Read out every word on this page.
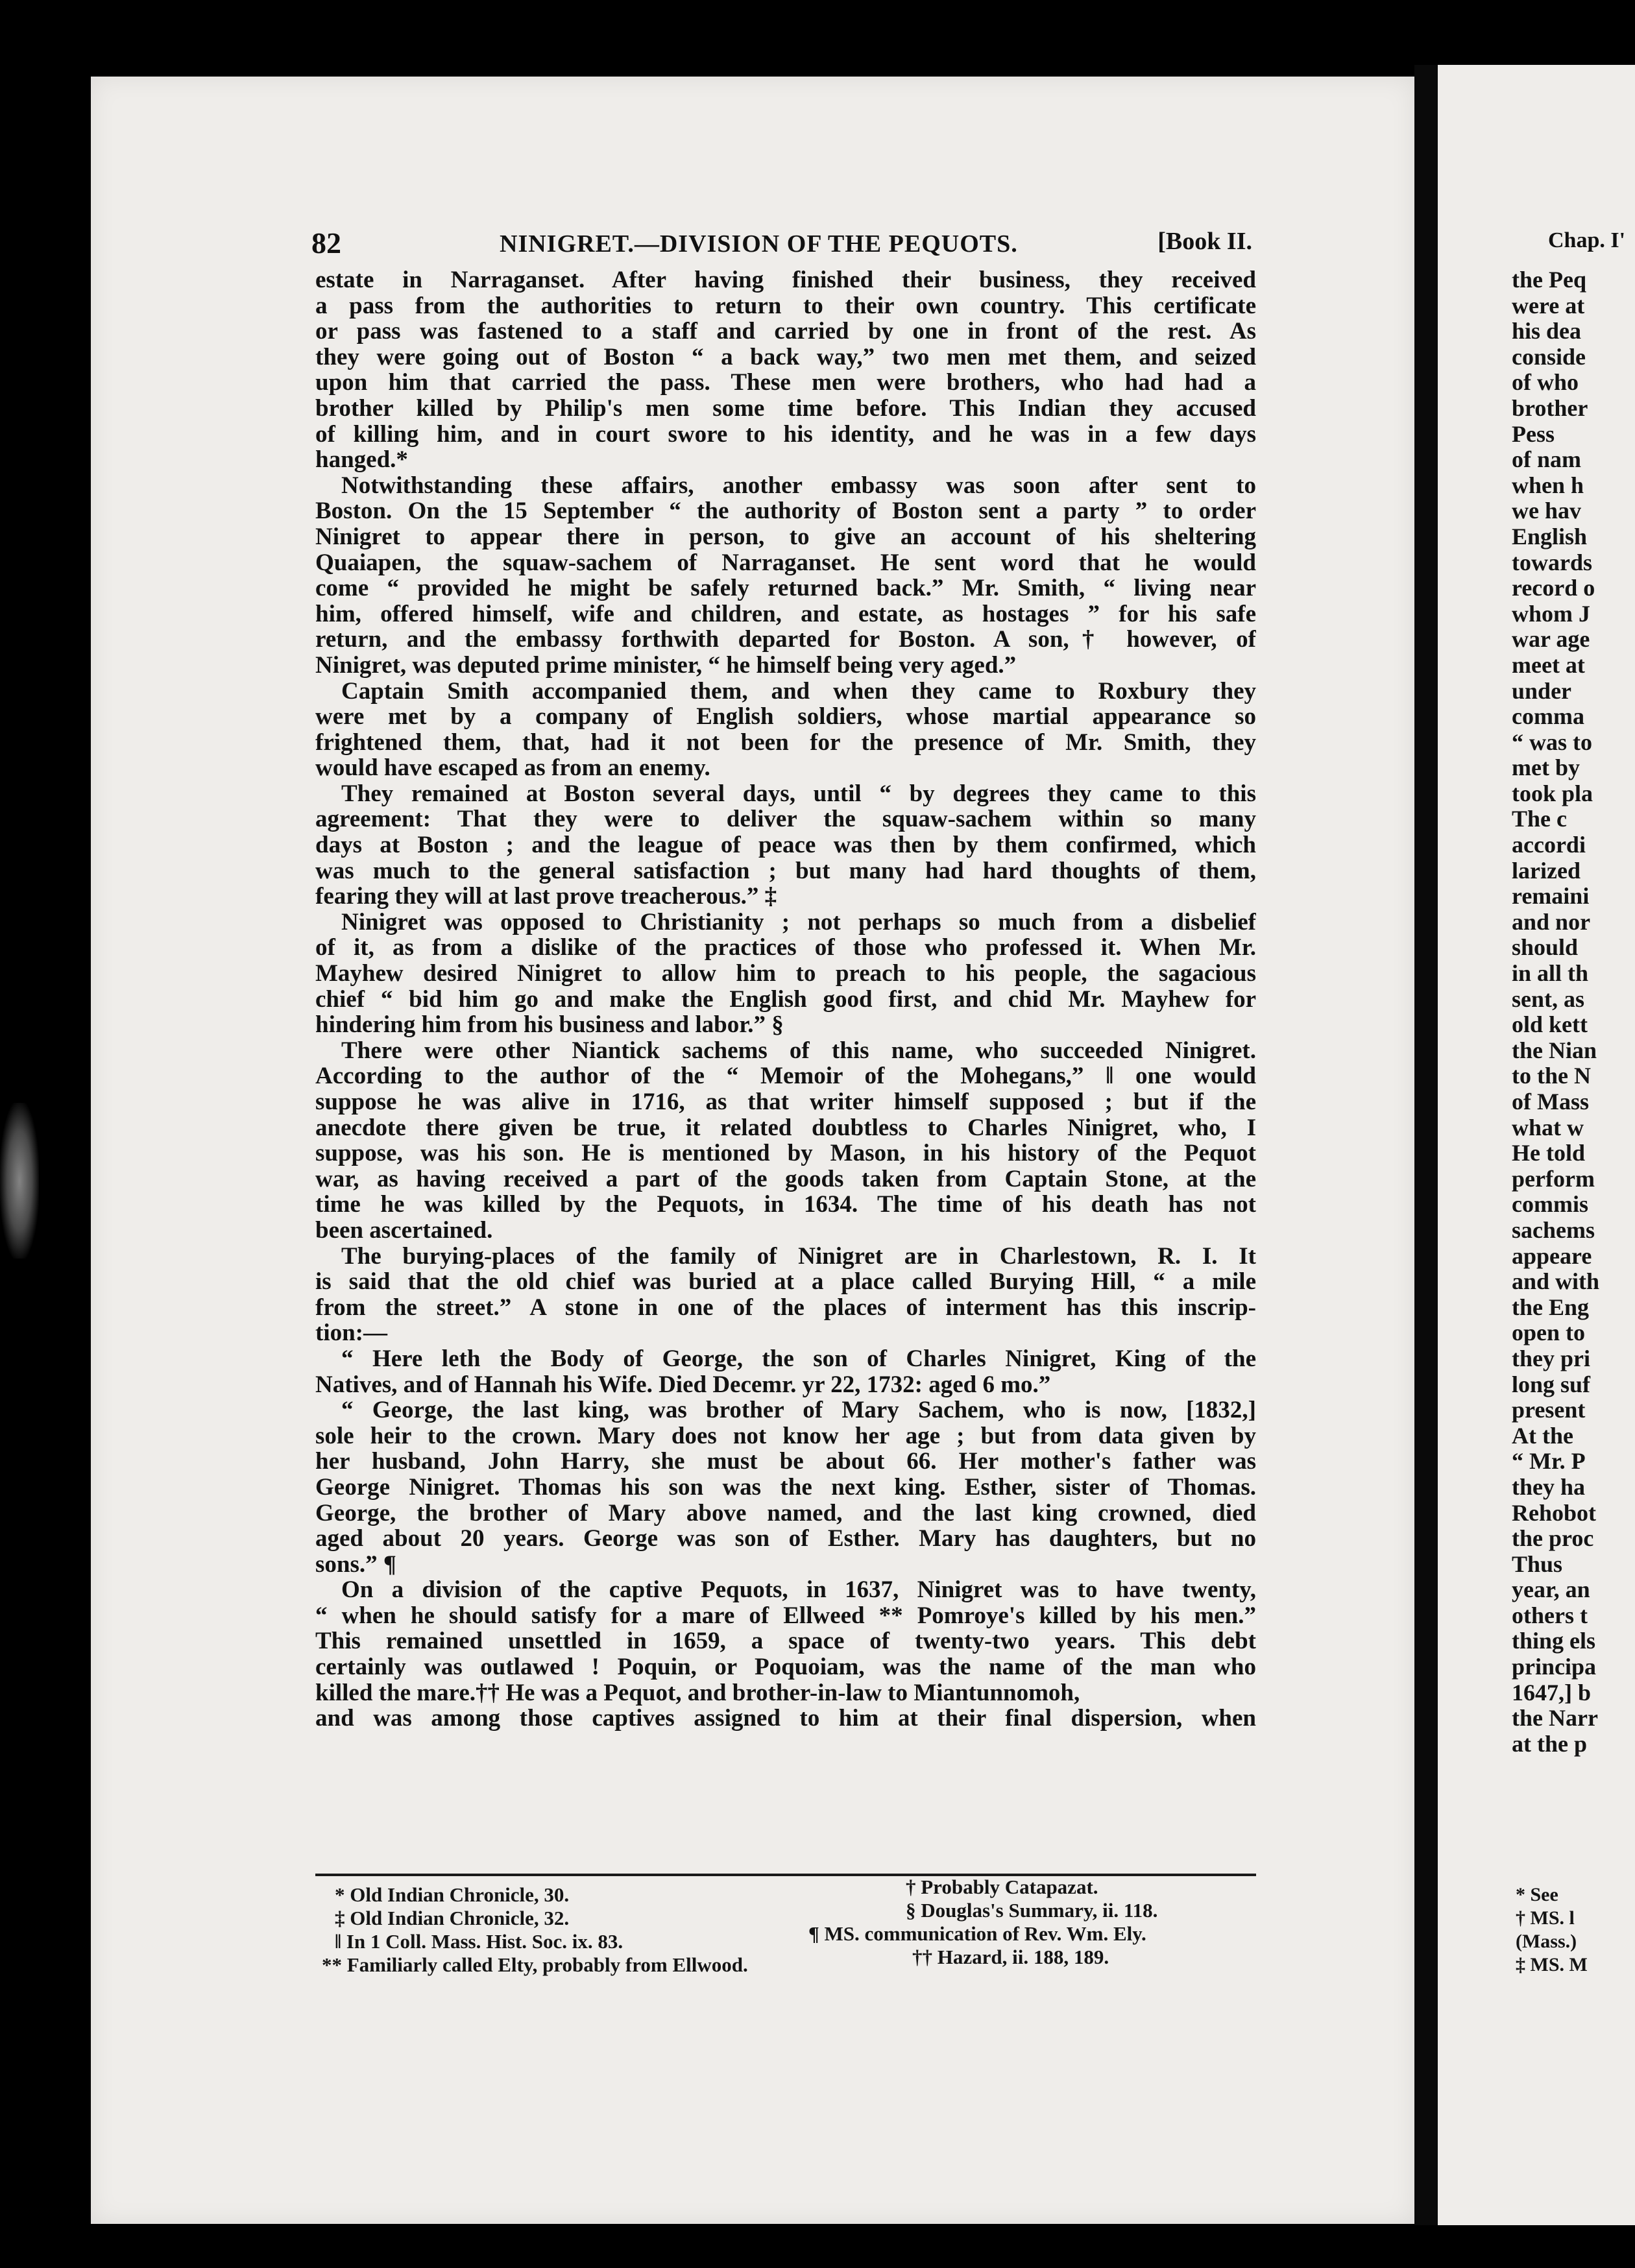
82	NINIGRET.—DIVISION OF THE PEQUOTS.	[Book II.
estate in Narraganset. After having finished their business, they received
a pass from the authorities to return to their own country. This certificate
or pass was fastened to a staff and carried by one in front of the rest. As
they were going out of Boston “ a back way,” two men met them, and seized
upon him that carried the pass. These men were brothers, who had had a
brother killed by Philip's men some time before. This Indian they accused
of killing him, and in court swore to his identity, and he was in a few days
hanged.*
Notwithstanding these affairs, another embassy was soon after sent to
Boston. On the 15 September “ the authority of Boston sent a party ” to order
Ninigret to appear there in person, to give an account of his sheltering
Quaiapen, the squaw-sachem of Narraganset. He sent word that he would
come “ provided he might be safely returned back.” Mr. Smith, “ living near
him, offered himself, wife and children, and estate, as hostages ” for his safe
return, and the embassy forthwith departed for Boston. A son,† however, of
Ninigret, was deputed prime minister, “ he himself being very aged.”
Captain Smith accompanied them, and when they came to Roxbury they
were met by a company of English soldiers, whose martial appearance so
frightened them, that, had it not been for the presence of Mr. Smith, they
would have escaped as from an enemy.
They remained at Boston several days, until “ by degrees they came to this
agreement: That they were to deliver the squaw-sachem within so many
days at Boston ; and the league of peace was then by them confirmed, which
was much to the general satisfaction ; but many had hard thoughts of them,
fearing they will at last prove treacherous.” ‡
Ninigret was opposed to Christianity ; not perhaps so much from a disbelief
of it, as from a dislike of the practices of those who professed it. When Mr.
Mayhew desired Ninigret to allow him to preach to his people, the sagacious
chief “ bid him go and make the English good first, and chid Mr. Mayhew for
hindering him from his business and labor.” §
There were other Niantick sachems of this name, who succeeded Ninigret.
According to the author of the “ Memoir of the Mohegans,” ‖ one would
suppose he was alive in 1716, as that writer himself supposed ; but if the
anecdote there given be true, it related doubtless to Charles Ninigret, who, I
suppose, was his son. He is mentioned by Mason, in his history of the Pequot
war, as having received a part of the goods taken from Captain Stone, at the
time he was killed by the Pequots, in 1634. The time of his death has not
been ascertained.
The burying-places of the family of Ninigret are in Charlestown, R. I. It
is said that the old chief was buried at a place called Burying Hill, “ a mile
from the street.” A stone in one of the places of interment has this inscrip-
tion:—
“ Here leth the Body of George, the son of Charles Ninigret, King of the
Natives, and of Hannah his Wife. Died Decemr. yr 22, 1732: aged 6 mo.”
“ George, the last king, was brother of Mary Sachem, who is now, [1832,]
sole heir to the crown. Mary does not know her age ; but from data given by
her husband, John Harry, she must be about 66. Her mother's father was
George Ninigret. Thomas his son was the next king. Esther, sister of Thomas.
George, the brother of Mary above named, and the last king crowned, died
aged about 20 years. George was son of Esther. Mary has daughters, but no
sons.” ¶
On a division of the captive Pequots, in 1637, Ninigret was to have twenty,
“ when he should satisfy for a mare of Ellweed ** Pomroye's killed by his men.”
This remained unsettled in 1659, a space of twenty-two years. This debt
certainly was outlawed ! Poquin, or Poquoiam, was the name of the man who
killed the mare.†† He was a Pequot, and brother-in-law to Miantunnomoh,
and was among those captives assigned to him at their final dispersion, when
* Old Indian Chronicle, 30.	† Probably Catapazat.
‡ Old Indian Chronicle, 32.	§ Douglas's Summary, ii. 118.
‖ In 1 Coll. Mass. Hist. Soc. ix. 83.	¶ MS. communication of Rev. Wm. Ely.
** Familiarly called Elty, probably from Ellwood.	†† Hazard, ii. 188, 189.
Chap. I'
the Peq
were at
his dea
conside
of who
brother
Pess
of nam
when h
we hav
English
towards
record o
whom J
war age
meet at
under
comma
“ was to
met by
took pla
The c
accordi
larized
remaini
and nor
should
in all th
sent, as
old kett
the Nian
to the N
of Mass
what w
He told
perform
commis
sachems
appeare
and with
the Eng
open to
they pri
long suf
present
At the
“ Mr. P
they ha
Rehobot
the proc
Thus
year, an
others t
thing els
principa
1647,] b
the Narr
at the p
* See
† MS. l
(Mass.)
‡ MS. M
